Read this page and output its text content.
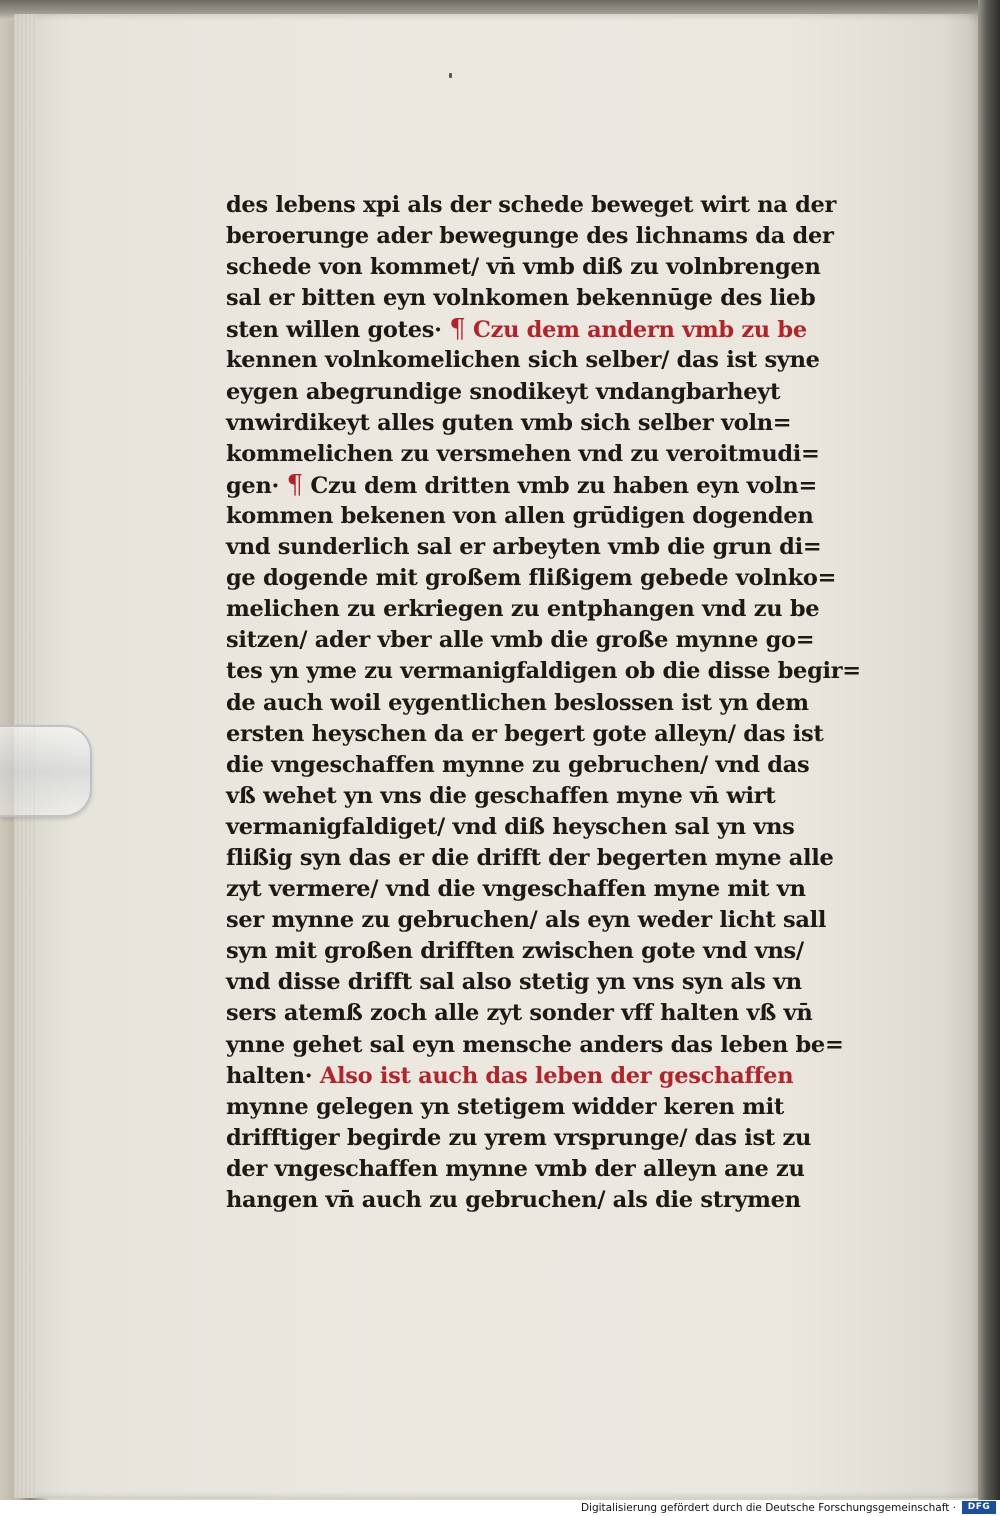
des lebens xpi als der schede beweget wirt na der
beroerunge ader bewegunge des lichnams da der
schede von kommet/ vn̄ vmb diß zu volnbrengen
sal er bitten eyn volnkomen bekennūge des lieb
sten willen gotes· ¶ Czu dem andern vmb zu be
kennen volnkomelichen sich selber/ das ist syne
eygen abegrundige snodikeyt vndangbarheyt
vnwirdikeyt alles guten vmb sich selber voln=
kommelichen zu versmehen vnd zu veroitmudi=
gen· ¶ Czu dem dritten vmb zu haben eyn voln=
kommen bekenen von allen grūdigen dogenden
vnd sunderlich sal er arbeyten vmb die grun di=
ge dogende mit großem flißigem gebede volnko=
melichen zu erkriegen zu entphangen vnd zu be
sitzen/ ader vber alle vmb die große mynne go=
tes yn yme zu vermanigfaldigen ob die disse begir=
de auch woil eygentlichen beslossen ist yn dem
ersten heyschen da er begert gote alleyn/ das ist
die vngeschaffen mynne zu gebruchen/ vnd das
vß wehet yn vns die geschaffen myne vn̄ wirt
vermanigfaldiget/ vnd diß heyschen sal yn vns
flißig syn das er die drifft der begerten myne alle
zyt vermere/ vnd die vngeschaffen myne mit vn
ser mynne zu gebruchen/ als eyn weder licht sall
syn mit großen drifften zwischen gote vnd vns/
vnd disse drifft sal also stetig yn vns syn als vn
sers atemß zoch alle zyt sonder vff halten vß vn̄
ynne gehet sal eyn mensche anders das leben be=
halten· Also ist auch das leben der geschaffen
mynne gelegen yn stetigem widder keren mit
drifftiger begirde zu yrem vrsprunge/ das ist zu
der vngeschaffen mynne vmb der alleyn ane zu
hangen vn̄ auch zu gebruchen/ als die strymen
Digitalisierung gefördert durch die Deutsche Forschungsgemeinschaft ·	DFG
